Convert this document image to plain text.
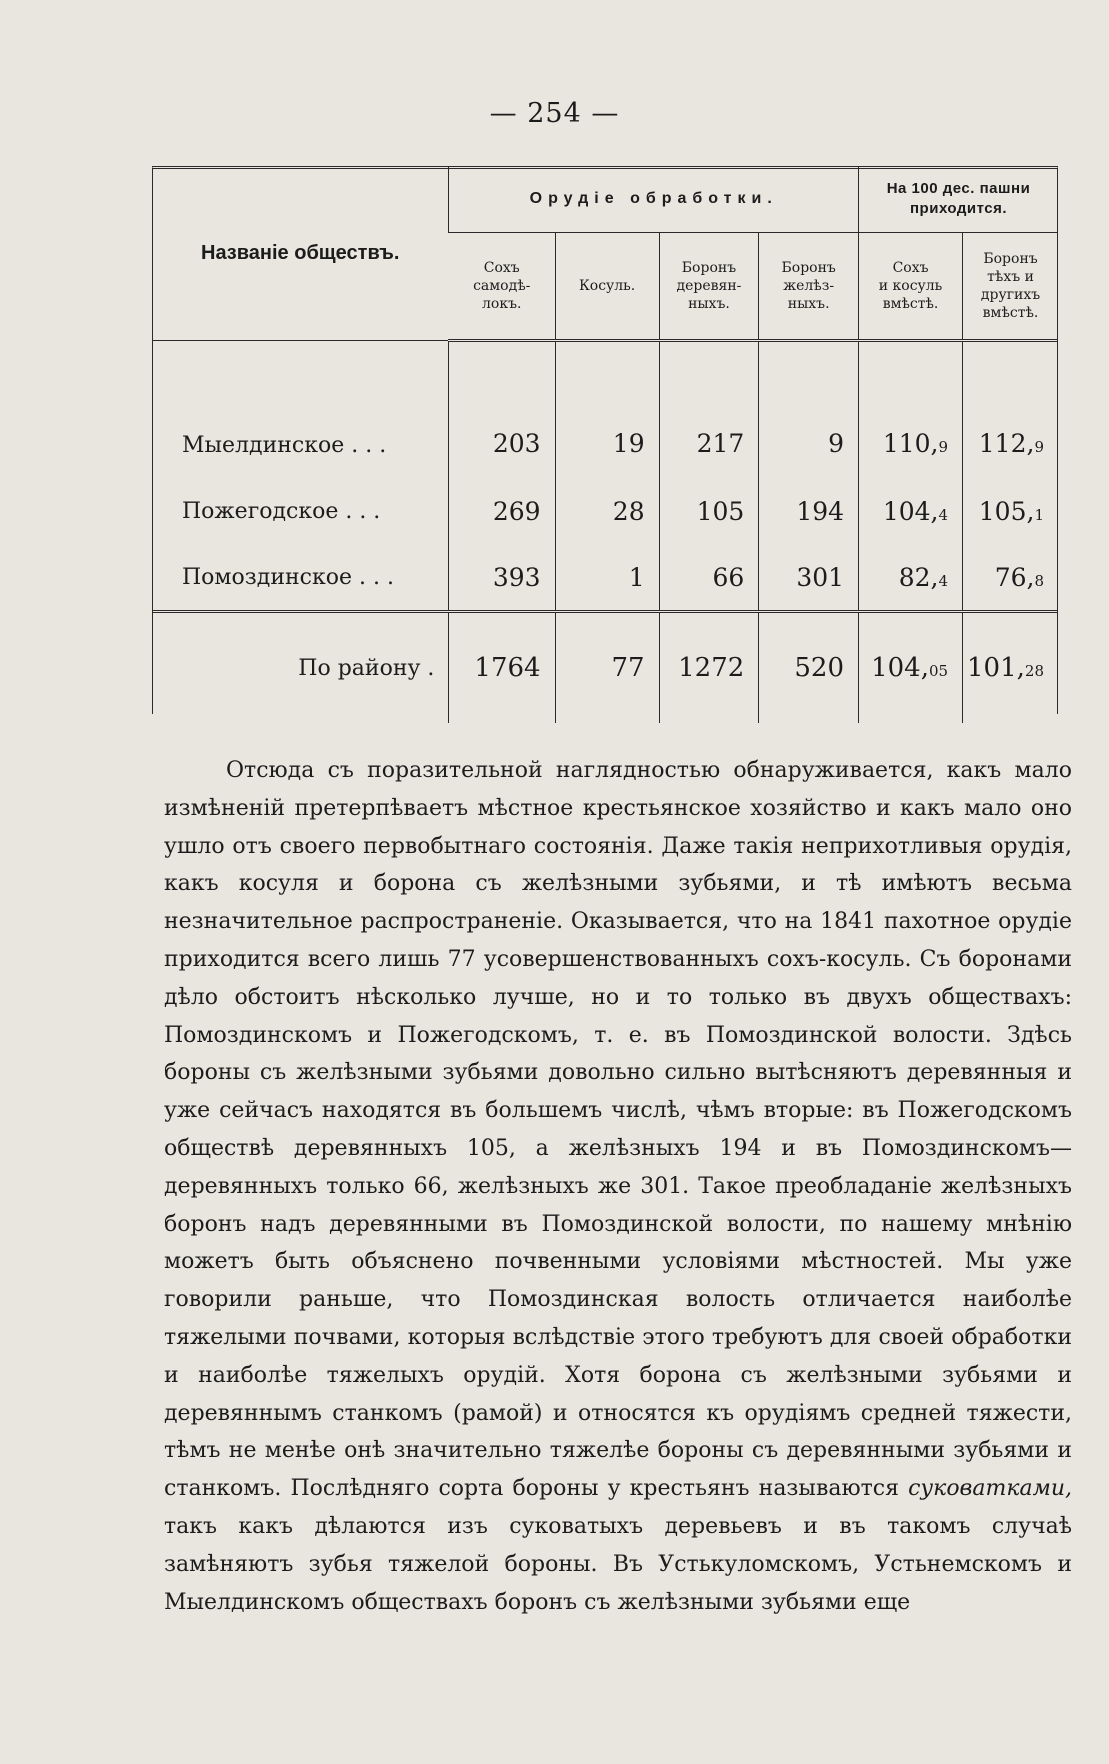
— 254 —
Названіе обществъ.	Орудіе обработки.				На 100 дес. пашни приходится.	
	Сохъ
самодѣ-
локъ.	Косуль.	Боронъ
деревян-
ныхъ.	Боронъ
желѣз-
ныхъ.	Сохъ
и косуль
вмѣстѣ.	Боронъ
тѣхъ и
другихъ
вмѣстѣ.
Мыелдинское . . .	203	19	217	9	110,9	112,9
Пожегодское . . .	269	28	105	194	104,4	105,1
Помоздинское . . .	393	1	66	301	82,4	76,8
По району .	1764	77	1272	520	104,05	101,28

Отсюда съ поразительной наглядностью обнаруживается, какъ мало измѣненій претерпѣваетъ мѣстное крестьянское хозяйство и какъ мало оно ушло отъ своего первобытнаго состоянія. Даже такія неприхотливыя орудія, какъ косуля и борона съ желѣзными зубьями, и тѣ имѣютъ весьма незначительное распространеніе. Оказывается, что на 1841 пахотное орудіе приходится всего лишь 77 усовершенствованныхъ сохъ-косуль. Съ боронами дѣло обстоитъ нѣсколько лучше, но и то только въ двухъ обществахъ: Помоздинскомъ и Пожегодскомъ, т. е. въ Помоздинской волости. Здѣсь бороны съ желѣзными зубьями довольно сильно вытѣсняютъ деревянныя и уже сейчасъ находятся въ большемъ числѣ, чѣмъ вторые: въ Пожегодскомъ обществѣ деревянныхъ 105, а желѣзныхъ 194 и въ Помоздинскомъ—деревянныхъ только 66, желѣзныхъ же 301. Такое преобладаніе желѣзныхъ боронъ надъ деревянными въ Помоздинской волости, по нашему мнѣнію можетъ быть объяснено почвенными условіями мѣстностей. Мы уже говорили раньше, что Помоздинская волость отличается наиболѣе тяжелыми почвами, которыя вслѣдствіе этого требуютъ для своей обработки и наиболѣе тяжелыхъ орудій. Хотя борона съ желѣзными зубьями и деревяннымъ станкомъ (рамой) и относятся къ орудіямъ средней тяжести, тѣмъ не менѣе онѣ значительно тяжелѣе бороны съ деревянными зубьями и станкомъ. Послѣдняго сорта бороны у крестьянъ называются суковатками, такъ какъ дѣлаются изъ суковатыхъ деревьевъ и въ такомъ случаѣ замѣняютъ зубья тяжелой бороны. Въ Устькуломскомъ, Устьнемскомъ и Мыелдинскомъ обществахъ боронъ съ желѣзными зубьями еще
